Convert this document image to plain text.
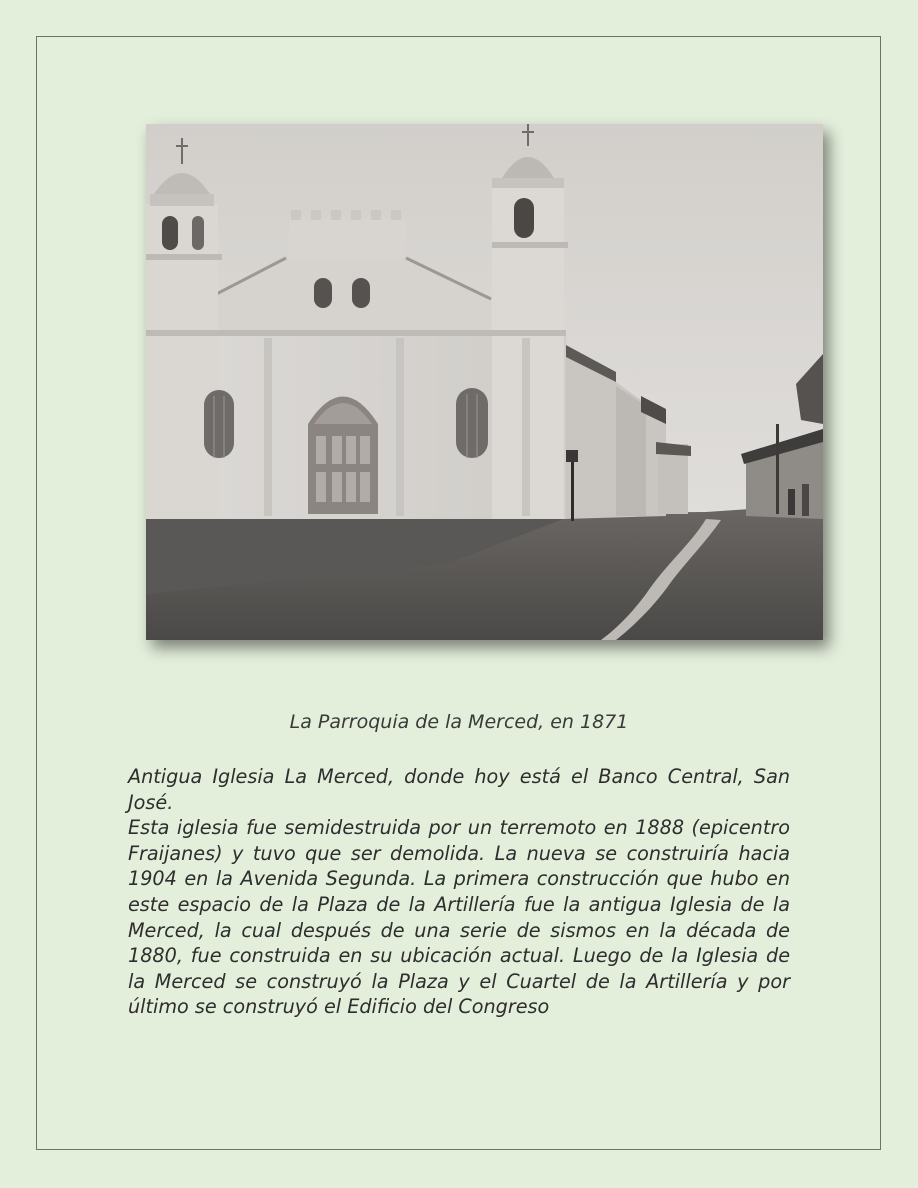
La Parroquia de la Merced, en 1871

Antigua Iglesia La Merced, donde hoy está el Banco Central, San José.

Esta iglesia fue semidestruida por un terremoto en 1888 (epicentro Fraijanes) y tuvo que ser demolida. La nueva se construiría hacia 1904 en la Avenida Segunda. La primera construcción que hubo en este espacio de la Plaza de la Artillería fue la antigua Iglesia de la Merced, la cual después de una serie de sismos en la década de 1880, fue construida en su ubicación actual. Luego de la Iglesia de la Merced se construyó la Plaza y el Cuartel de la Artillería y por último se construyó el Edificio del Congreso
